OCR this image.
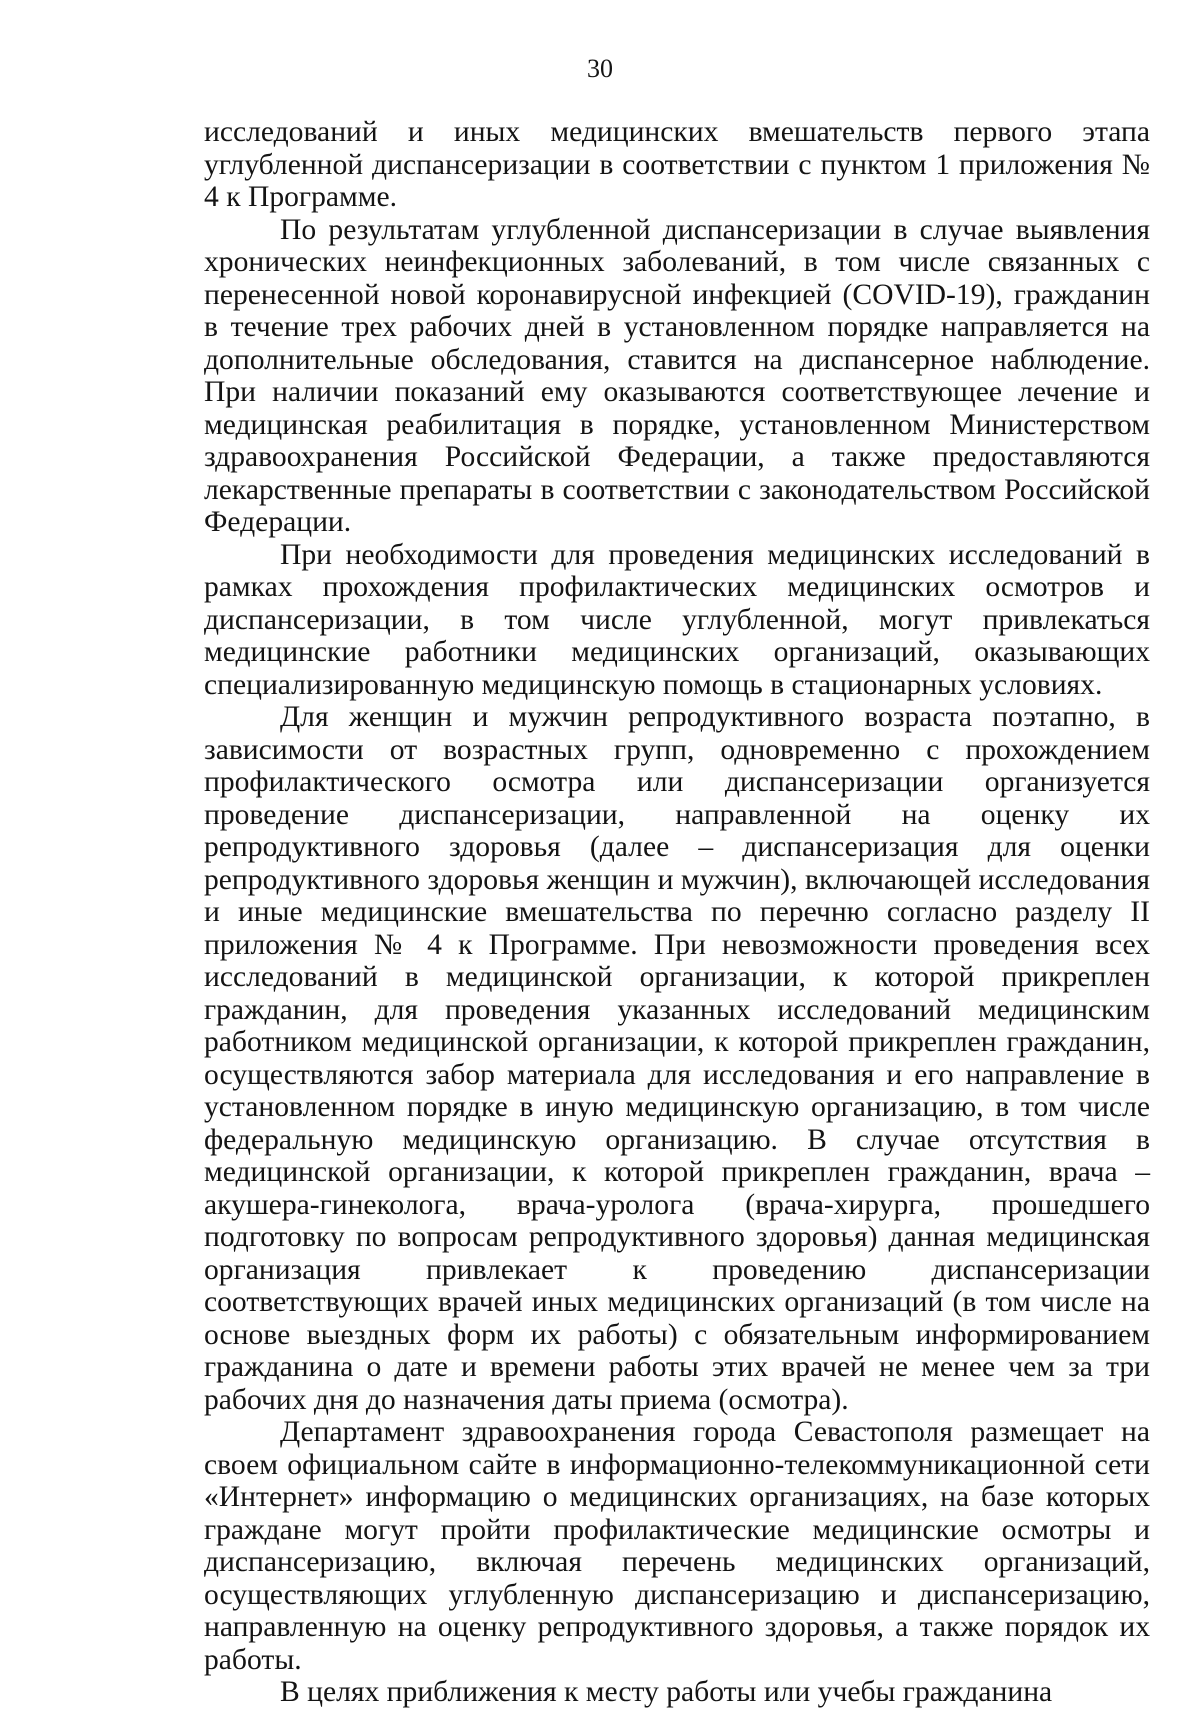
30

исследований и иных медицинских вмешательств первого этапа углубленной диспансеризации в соответствии с пунктом 1 приложения № 4 к Программе.

По результатам углубленной диспансеризации в случае выявления хронических неинфекционных заболеваний, в том числе связанных с перенесенной новой коронавирусной инфекцией (COVID-19), гражданин в течение трех рабочих дней в установленном порядке направляется на дополнительные обследования, ставится на диспансерное наблюдение. При наличии показаний ему оказываются соответствующее лечение и медицинская реабилитация в порядке, установленном Министерством здравоохранения Российской Федерации, а также предоставляются лекарственные препараты в соответствии с законодательством Российской Федерации.

При необходимости для проведения медицинских исследований в рамках прохождения профилактических медицинских осмотров и диспансеризации, в том числе углубленной, могут привлекаться медицинские работники медицинских организаций, оказывающих специализированную медицинскую помощь в стационарных условиях.

Для женщин и мужчин репродуктивного возраста поэтапно, в зависимости от возрастных групп, одновременно с прохождением профилактического осмотра или диспансеризации организуется проведение диспансеризации, направленной на оценку их репродуктивного здоровья (далее – диспансеризация для оценки репродуктивного здоровья женщин и мужчин), включающей исследования и иные медицинские вмешательства по перечню согласно разделу II приложения № 4 к Программе. При невозможности проведения всех исследований в медицинской организации, к которой прикреплен гражданин, для проведения указанных исследований медицинским работником медицинской организации, к которой прикреплен гражданин, осуществляются забор материала для исследования и его направление в установленном порядке в иную медицинскую организацию, в том числе федеральную медицинскую организацию. В случае отсутствия в медицинской организации, к которой прикреплен гражданин, врача – акушера-гинеколога, врача-уролога (врача-хирурга, прошедшего подготовку по вопросам репродуктивного здоровья) данная медицинская организация привлекает к проведению диспансеризации соответствующих врачей иных медицинских организаций (в том числе на основе выездных форм их работы) с обязательным информированием гражданина о дате и времени работы этих врачей не менее чем за три рабочих дня до назначения даты приема (осмотра).

Департамент здравоохранения города Севастополя размещает на своем официальном сайте в информационно-телекоммуникационной сети «Интернет» информацию о медицинских организациях, на базе которых граждане могут пройти профилактические медицинские осмотры и диспансеризацию, включая перечень медицинских организаций, осуществляющих углубленную диспансеризацию и диспансеризацию, направленную на оценку репродуктивного здоровья, а также порядок их работы.

В целях приближения к месту работы или учебы гражданина
